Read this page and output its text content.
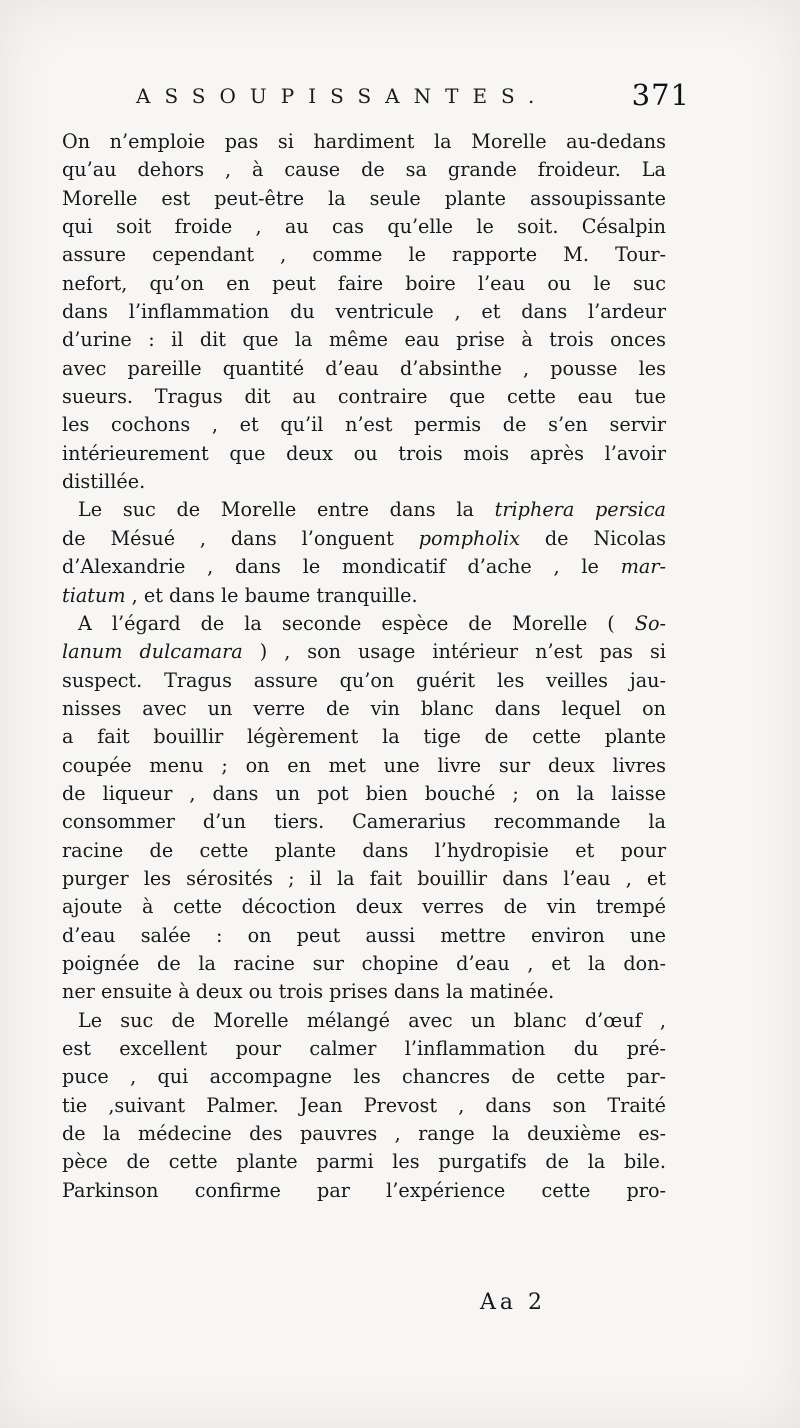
ASSOUPISSANTES.	371
On n’emploie pas si hardiment la Morelle au-dedans
qu’au dehors , à cause de sa grande froideur. La
Morelle est peut-être la seule plante assoupissante
qui soit froide , au cas qu’elle le soit. Césalpin
assure cependant , comme le rapporte M. Tour-
nefort, qu’on en peut faire boire l’eau ou le suc
dans l’inflammation du ventricule , et dans l’ardeur
d’urine : il dit que la même eau prise à trois onces
avec pareille quantité d’eau d’absinthe , pousse les
sueurs. Tragus dit au contraire que cette eau tue
les cochons , et qu’il n’est permis de s’en servir
intérieurement que deux ou trois mois après l’avoir
distillée.
Le suc de Morelle entre dans la triphera persica
de Mésué , dans l’onguent pompholix de Nicolas
d’Alexandrie , dans le mondicatif d’ache , le mar-
tiatum , et dans le baume tranquille.
A l’égard de la seconde espèce de Morelle ( So-
lanum dulcamara ) , son usage intérieur n’est pas si
suspect. Tragus assure qu’on guérit les veilles jau-
nisses avec un verre de vin blanc dans lequel on
a fait bouillir légèrement la tige de cette plante
coupée menu ; on en met une livre sur deux livres
de liqueur , dans un pot bien bouché ; on la laisse
consommer d’un tiers. Camerarius recommande la
racine de cette plante dans l’hydropisie et pour
purger les sérosités ; il la fait bouillir dans l’eau , et
ajoute à cette décoction deux verres de vin trempé
d’eau salée : on peut aussi mettre environ une
poignée de la racine sur chopine d’eau , et la don-
ner ensuite à deux ou trois prises dans la matinée.
Le suc de Morelle mélangé avec un blanc d’œuf ,
est excellent pour calmer l’inflammation du pré-
puce , qui accompagne les chancres de cette par-
tie ,suivant Palmer. Jean Prevost , dans son Traité
de la médecine des pauvres , range la deuxième es-
pèce de cette plante parmi les purgatifs de la bile.
Parkinson confirme par l’expérience cette pro-
Aa 2
